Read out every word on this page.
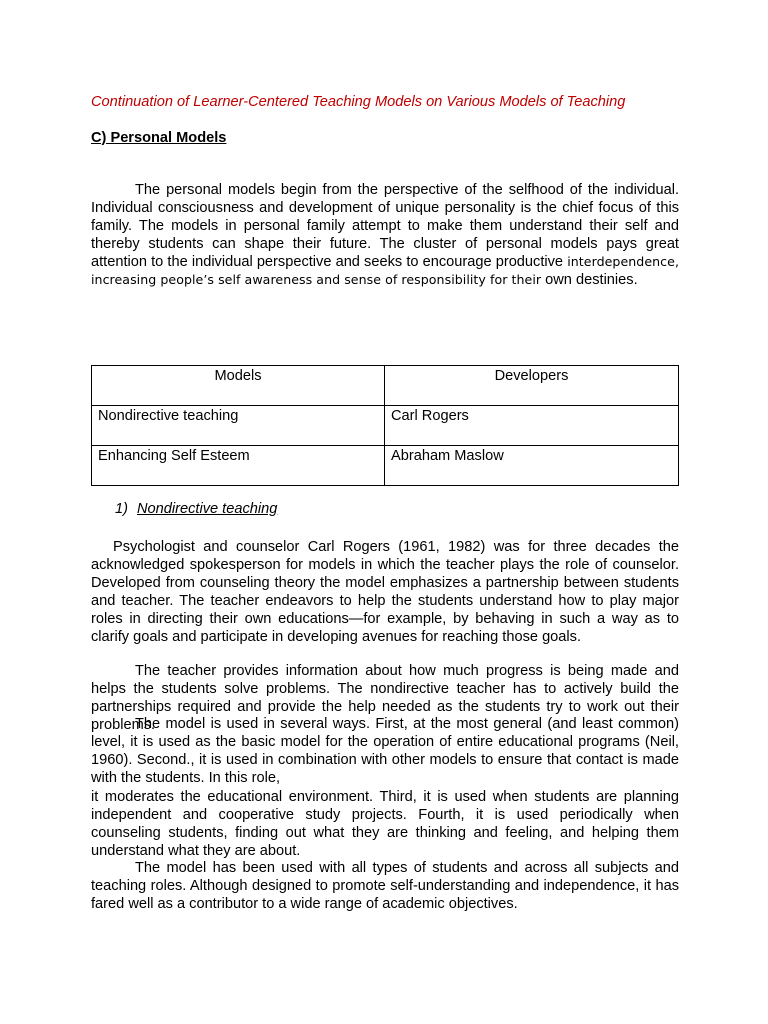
Continuation of Learner-Centered Teaching Models on Various Models of Teaching
C) Personal Models

The personal models begin from the perspective of the selfhood of the individual. Individual consciousness and development of unique personality is the chief focus of this family. The models in personal family attempt to make them understand their self and thereby students can shape their future. The cluster of personal models pays great attention to the individual perspective and seeks to encourage productive interdependence, increasing people’s self awareness and sense of responsibility for their own destinies.

Models	Developers
Nondirective teaching	Carl Rogers
Enhancing Self Esteem	Abraham Maslow
1) Nondirective teaching

Psychologist and counselor Carl Rogers (1961, 1982) was for three decades the acknowledged spokesperson for models in which the teacher plays the role of counselor. Developed from counseling theory the model emphasizes a partnership between students and teacher. The teacher endeavors to help the students understand how to play major roles in directing their own educations—for example, by behaving in such a way as to clarify goals and participate in developing avenues for reaching those goals.

The teacher provides information about how much progress is being made and helps the students solve problems. The nondirective teacher has to actively build the partnerships required and provide the help needed as the students try to work out their problems.

The model is used in several ways. First, at the most general (and least common) level, it is used as the basic model for the operation of entire educational programs (Neil, 1960). Second., it is used in combination with other models to ensure that contact is made with the students. In this role,

it moderates the educational environment. Third, it is used when students are planning independent and cooperative study projects. Fourth, it is used periodically when counseling students, finding out what they are thinking and feeling, and helping them understand what they are about.

The model has been used with all types of students and across all subjects and teaching roles. Although designed to promote self-understanding and independence, it has fared well as a contributor to a wide range of academic objectives.
